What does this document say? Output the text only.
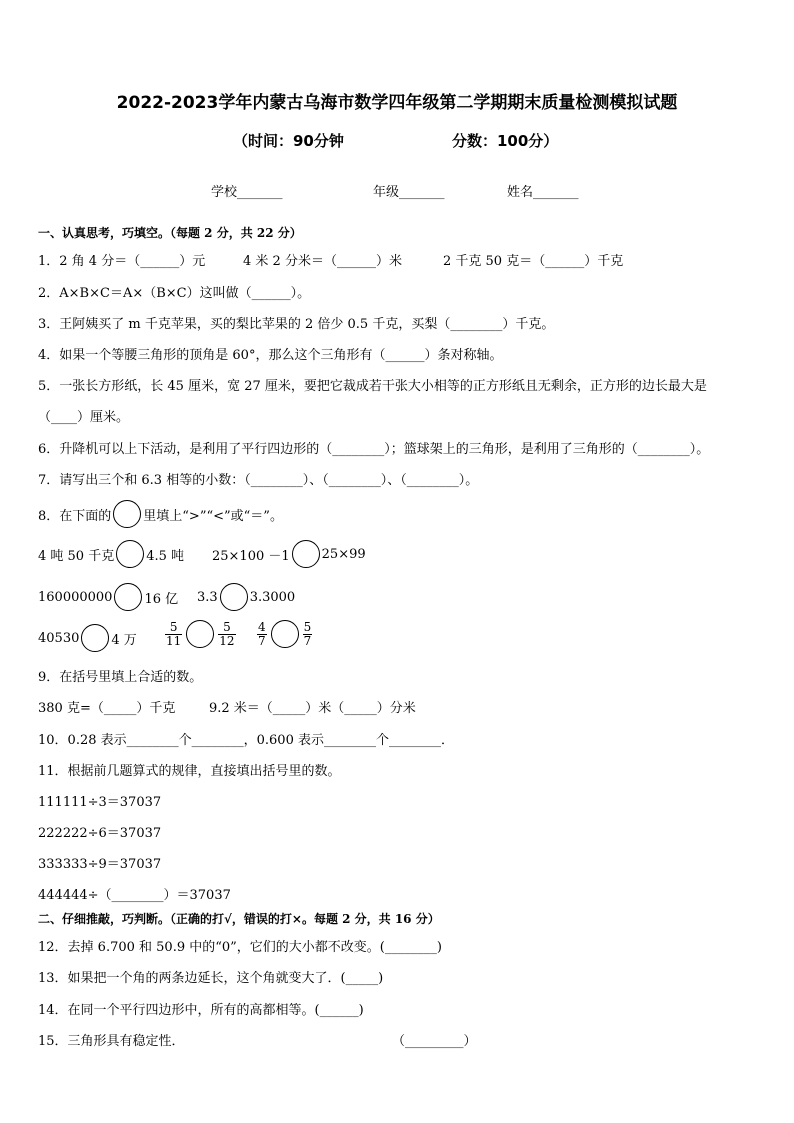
2022-2023学年内蒙古乌海市数学四年级第二学期期末质量检测模拟试题
（时间：90分钟	分数：100分）
学校_______	年级_______	姓名_______
一、认真思考，巧填空。（每题 2 分，共 22 分）
1．2 角 4 分＝（______）元	4 米 2 分米＝（______）米	2 千克 50 克＝（______）千克
2．A×B×C＝A×（B×C）这叫做（______）。
3．王阿姨买了 m 千克苹果，买的梨比苹果的 2 倍少 0.5 千克，买梨（________）千克。
4．如果一个等腰三角形的顶角是 60°，那么这个三角形有（______）条对称轴。
5．一张长方形纸，长 45 厘米，宽 27 厘米，要把它裁成若干张大小相等的正方形纸且无剩余，正方形的边长最大是
（____）厘米。
6．升降机可以上下活动，是利用了平行四边形的（________）；篮球架上的三角形，是利用了三角形的（________）。
7．请写出三个和 6.3 相等的小数：（________）、（________）、（________）。
8．在下面的 里填上“>”“<”或“＝”。
4 吨 50 千克 4.5 吨 25×100 －1 25×99
160000000 16 亿 3.3 3.3000
40530 4 万 $\frac{5}{11}$	$\frac{5}{12} \frac{4}{7}$	$\frac{5}{7}$
9．在括号里填上合适的数。
380 克=（_____）千克	9.2 米＝（_____）米（_____）分米
10．0.28 表示________个________，0.600 表示________个________．
11．根据前几题算式的规律，直接填出括号里的数。
111111÷3＝37037
222222÷6＝37037
333333÷9＝37037
444444÷（________）＝37037
二、仔细推敲，巧判断。（正确的打√，错误的打×。每题 2 分，共 16 分）
12．去掉 6.700 和 50.9 中的“0”，它们的大小都不改变。(________)
13．如果把一个角的两条边延长，这个角就变大了．(_____)
14．在同一个平行四边形中，所有的高都相等。(______)
15．三角形具有稳定性．	（_________）
